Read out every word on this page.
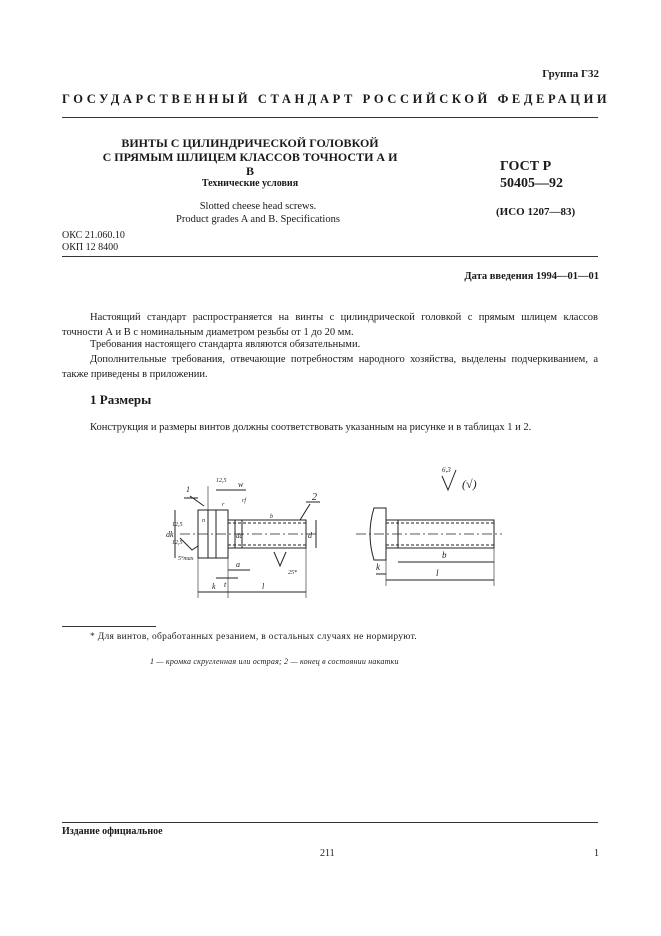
Группа Г32
ГОСУДАРСТВЕННЫЙ СТАНДАРТ РОССИЙСКОЙ ФЕДЕРАЦИИ
ВИНТЫ С ЦИЛИНДРИЧЕСКОЙ ГОЛОВКОЙ
С ПРЯМЫМ ШЛИЦЕМ КЛАССОВ ТОЧНОСТИ А И В
Технические условия
Slotted cheese head screws.
Product grades A and B. Specifications
ГОСТ Р
50405—92
(ИСО 1207—83)
ОКС 21.060.10
ОКП 12 8400
Дата введения 1994—01—01
Настоящий стандарт распространяется на винты с цилиндрической головкой с прямым шлицем классов точности А и В с номинальным диаметром резьбы от 1 до 20 мм.
Требования настоящего стандарта являются обязательными.
Дополнительные требования, отвечающие потребностям народного хозяйства, выделены подчеркиванием, а также приведены в приложении.
1 Размеры
Конструкция и размеры винтов должны соответствовать указанным на рисунке и в таблицах 1 и 2.
1
2
w
r
rf
dk	da	d
a
t
k	l
b
n
12,5
12,5
12,5
25*
5°max
6,3
(√)
k
b
l
* Для винтов, обработанных резанием, в остальных случаях не нормируют.
1 — кромка скругленная или острая; 2 — конец в состоянии накатки
Издание официальное
211	1
